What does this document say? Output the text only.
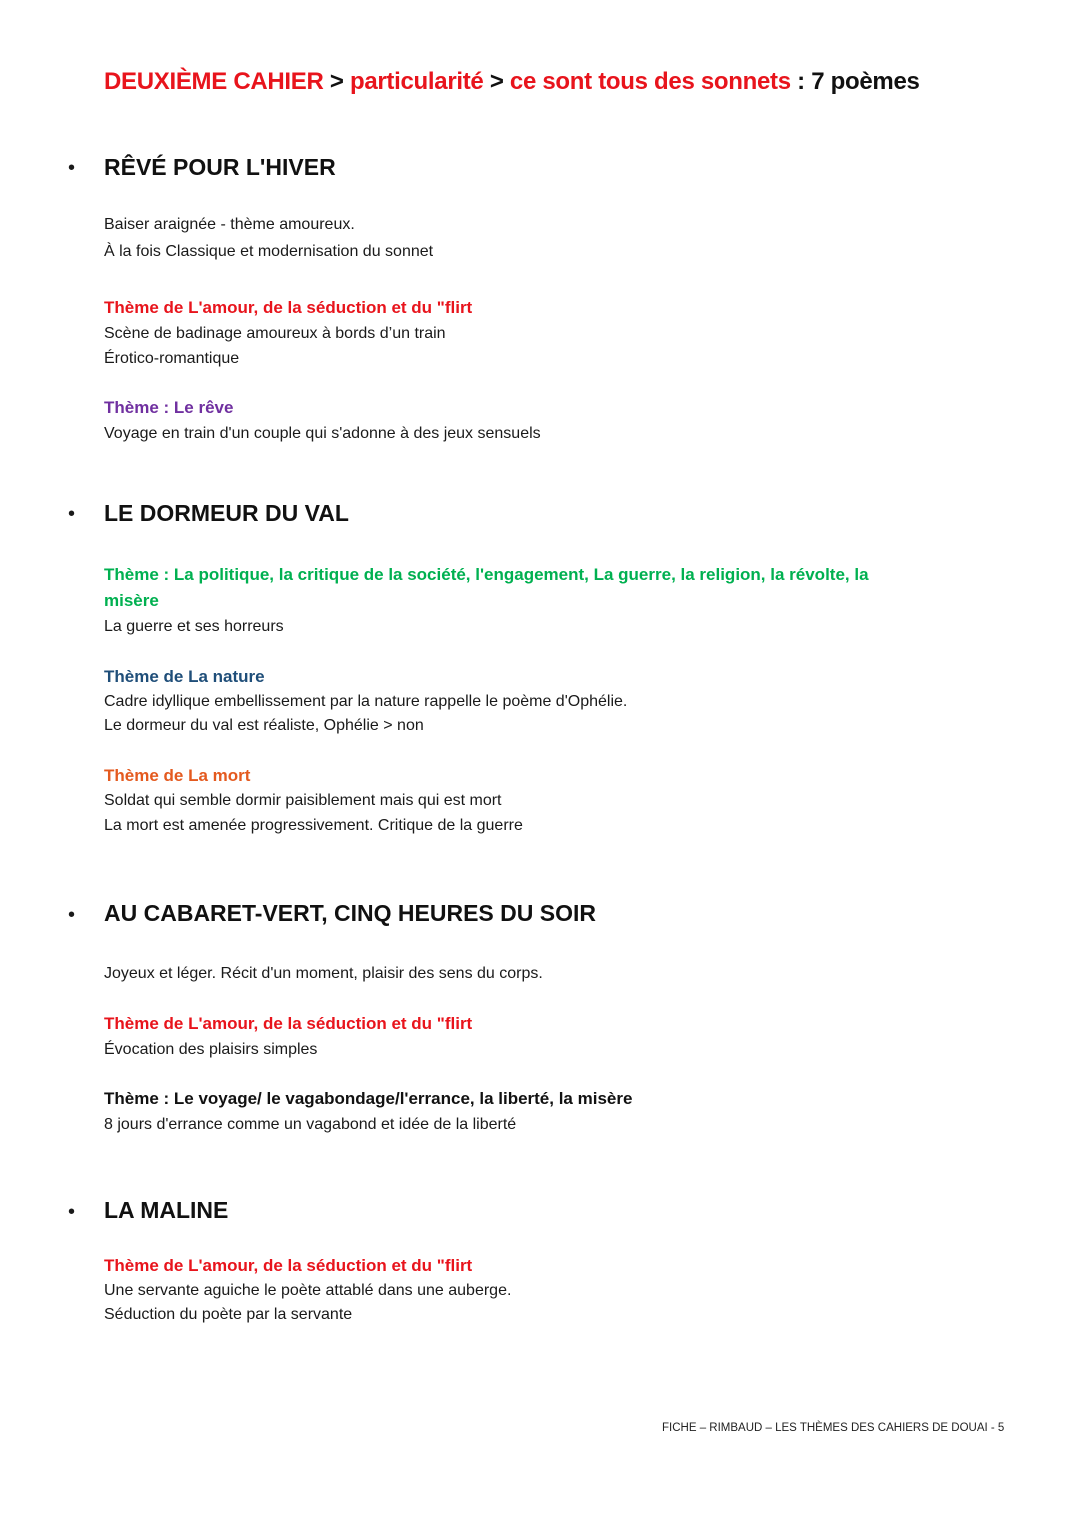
DEUXIÈME CAHIER > particularité > ce sont tous des sonnets : 7 poèmes
• RÊVÉ POUR L'HIVER
Baiser araignée - thème amoureux.
À la fois Classique et modernisation du sonnet
Thème de L'amour, de la séduction et du "flirt
Scène de badinage amoureux à bords d’un train
Érotico-romantique
Thème : Le rêve
Voyage en train d'un couple qui s'adonne à des jeux sensuels
• LE DORMEUR DU VAL
Thème : La politique, la critique de la société, l'engagement, La guerre, la religion, la révolte, la
misère
La guerre et ses horreurs
Thème de La nature
Cadre idyllique embellissement par la nature rappelle le poème d'Ophélie.
Le dormeur du val est réaliste, Ophélie > non
Thème de La mort
Soldat qui semble dormir paisiblement mais qui est mort
La mort est amenée progressivement. Critique de la guerre
• AU CABARET-VERT, CINQ HEURES DU SOIR
Joyeux et léger. Récit d'un moment, plaisir des sens du corps.
Thème de L'amour, de la séduction et du "flirt
Évocation des plaisirs simples
Thème : Le voyage/ le vagabondage/l'errance, la liberté, la misère
8 jours d'errance comme un vagabond et idée de la liberté
• LA MALINE
Thème de L'amour, de la séduction et du "flirt
Une servante aguiche le poète attablé dans une auberge.
Séduction du poète par la servante
FICHE – RIMBAUD – LES THÈMES DES CAHIERS DE DOUAI - 5
